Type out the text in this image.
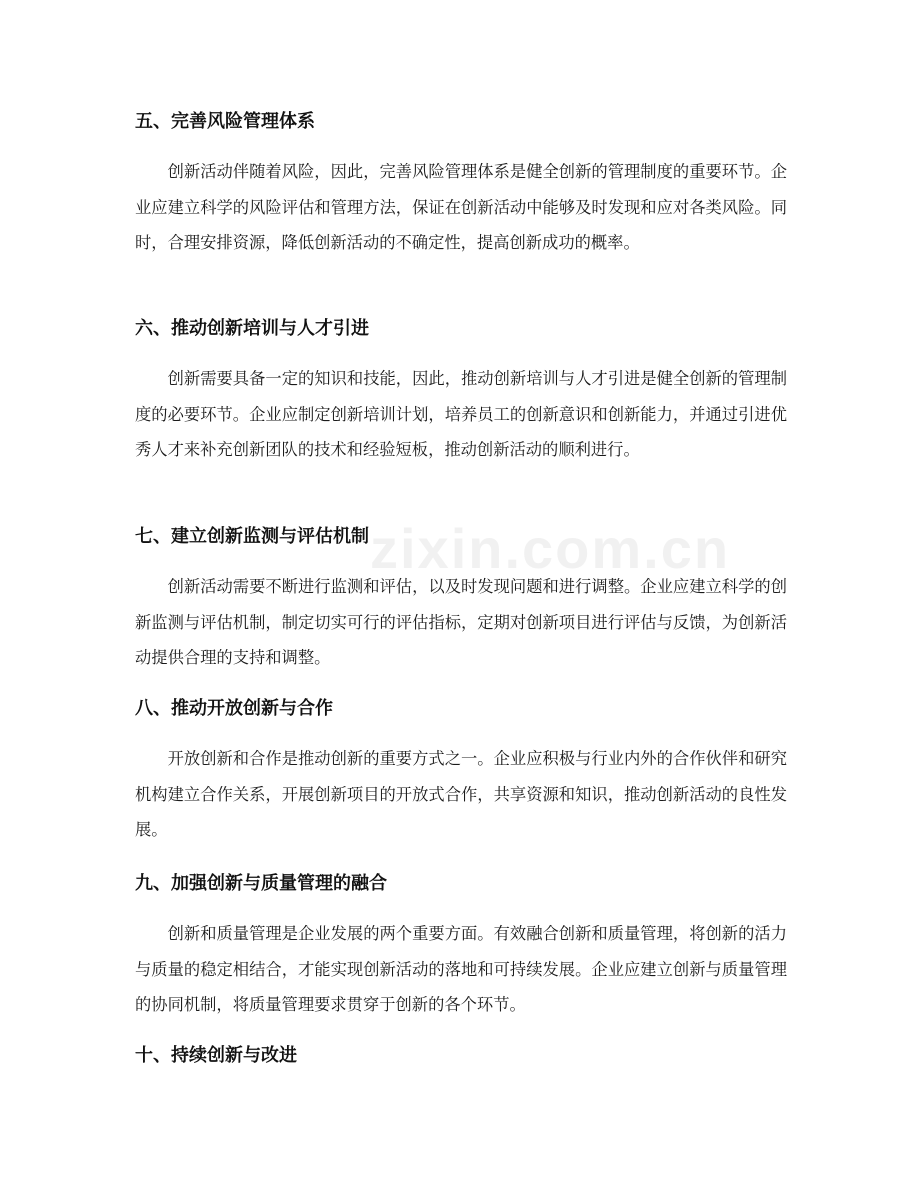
zixin.com.cn
五、完善风险管理体系

创新活动伴随着风险，因此，完善风险管理体系是健全创新的管理制度的重要环节。企业应建立科学的风险评估和管理方法，保证在创新活动中能够及时发现和应对各类风险。同时，合理安排资源，降低创新活动的不确定性，提高创新成功的概率。

六、推动创新培训与人才引进

创新需要具备一定的知识和技能，因此，推动创新培训与人才引进是健全创新的管理制度的必要环节。企业应制定创新培训计划，培养员工的创新意识和创新能力，并通过引进优秀人才来补充创新团队的技术和经验短板，推动创新活动的顺利进行。

七、建立创新监测与评估机制

创新活动需要不断进行监测和评估，以及时发现问题和进行调整。企业应建立科学的创新监测与评估机制，制定切实可行的评估指标，定期对创新项目进行评估与反馈，为创新活动提供合理的支持和调整。

八、推动开放创新与合作

开放创新和合作是推动创新的重要方式之一。企业应积极与行业内外的合作伙伴和研究机构建立合作关系，开展创新项目的开放式合作，共享资源和知识，推动创新活动的良性发展。

九、加强创新与质量管理的融合

创新和质量管理是企业发展的两个重要方面。有效融合创新和质量管理，将创新的活力与质量的稳定相结合，才能实现创新活动的落地和可持续发展。企业应建立创新与质量管理的协同机制，将质量管理要求贯穿于创新的各个环节。

十、持续创新与改进
